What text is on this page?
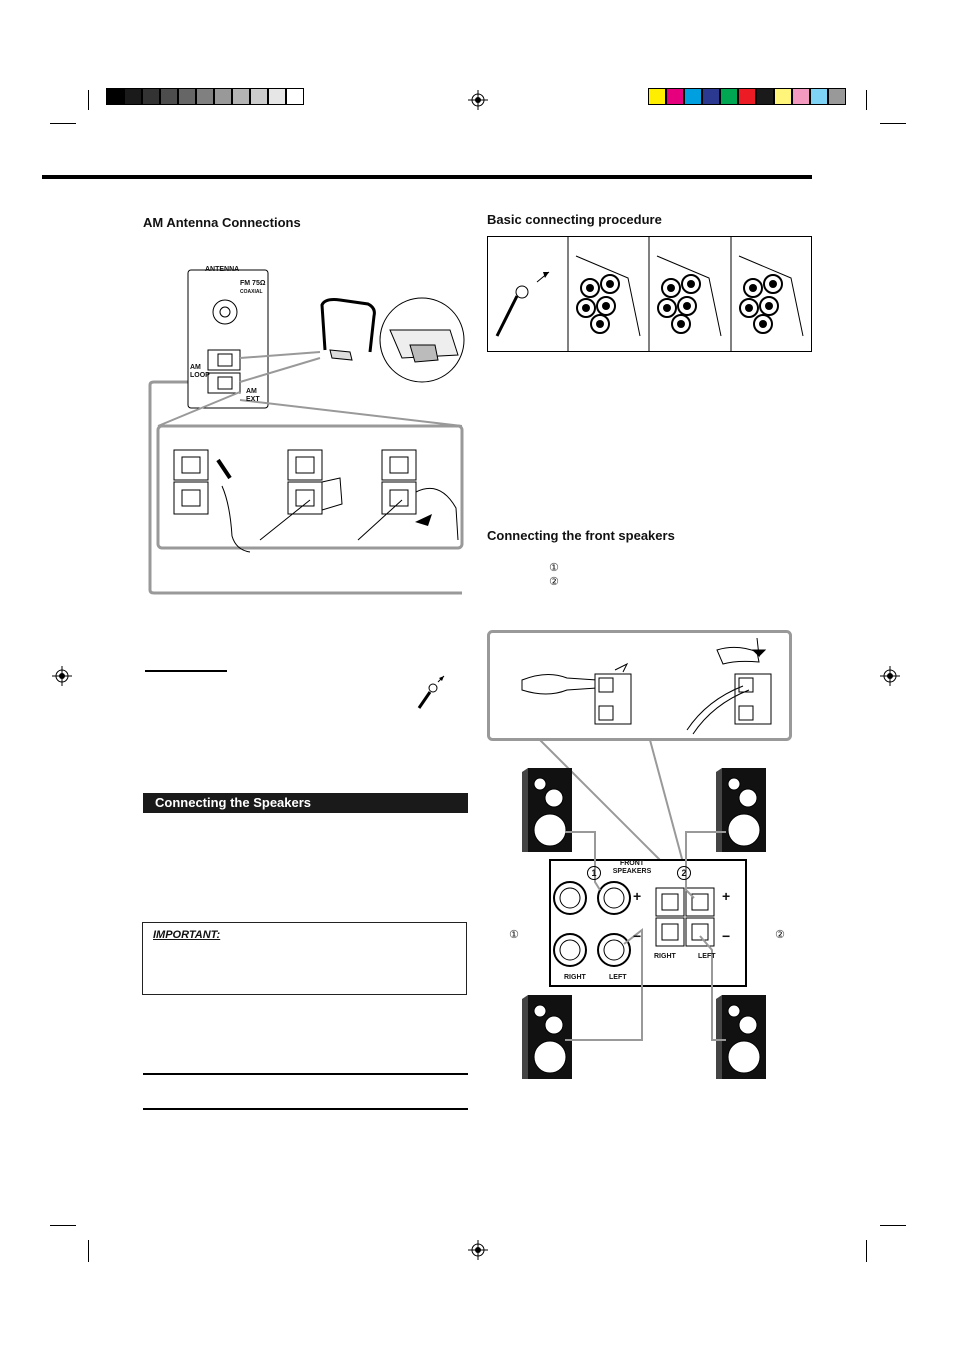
AM Antenna Connections	Basic connecting procedure
Connecting the front speakers
ANTENNA
FM 75Ω
COAXIAL
AM LOOP
AM EXT
①
②
FRONT SPEAKERS
1	2
+
−
+
−
RIGHT	LEFT
RIGHT	LEFT
①	②
Connecting the Speakers
IMPORTANT:
